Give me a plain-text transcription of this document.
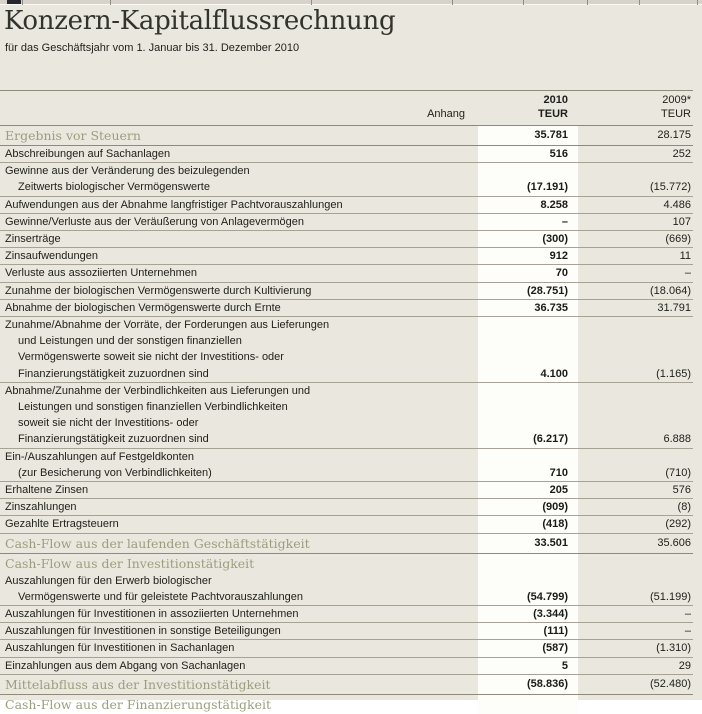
Konzern-Kapitalflussrechnung
für das Geschäftsjahr vom 1. Januar bis 31. Dezember 2010
2010	2009*
Anhang	TEUR	TEUR
Ergebnis vor Steuern	35.781	28.175
Abschreibungen auf Sachanlagen	516	252
Gewinne aus der Veränderung des beizulegenden
Zeitwerts biologischer Vermögenswerte	(17.191)	(15.772)
Aufwendungen aus der Abnahme langfristiger Pachtvorauszahlungen	8.258	4.486
Gewinne/Verluste aus der Veräußerung von Anlagevermögen	–	107
Zinserträge	(300)	(669)
Zinsaufwendungen	912	11
Verluste aus assoziierten Unternehmen	70	–
Zunahme der biologischen Vermögenswerte durch Kultivierung	(28.751)	(18.064)
Abnahme der biologischen Vermögenswerte durch Ernte	36.735	31.791
Zunahme/Abnahme der Vorräte, der Forderungen aus Lieferungen
und Leistungen und der sonstigen finanziellen
Vermögenswerte soweit sie nicht der Investitions- oder
Finanzierungstätigkeit zuzuordnen sind	4.100	(1.165)
Abnahme/Zunahme der Verbindlichkeiten aus Lieferungen und
Leistungen und sonstigen finanziellen Verbindlichkeiten
soweit sie nicht der Investitions- oder
Finanzierungstätigkeit zuzuordnen sind	(6.217)	6.888
Ein-/Auszahlungen auf Festgeldkonten
(zur Besicherung von Verbindlichkeiten)	710	(710)
Erhaltene Zinsen	205	576
Zinszahlungen	(909)	(8)
Gezahlte Ertragsteuern	(418)	(292)
Cash-Flow aus der laufenden Geschäftstätigkeit	33.501	35.606
Cash-Flow aus der Investitionstätigkeit
Auszahlungen für den Erwerb biologischer
Vermögenswerte und für geleistete Pachtvorauszahlungen	(54.799)	(51.199)
Auszahlungen für Investitionen in assoziierten Unternehmen	(3.344)	–
Auszahlungen für Investitionen in sonstige Beteiligungen	(111)	–
Auszahlungen für Investitionen in Sachanlagen	(587)	(1.310)
Einzahlungen aus dem Abgang von Sachanlagen	5	29
Mittelabfluss aus der Investitionstätigkeit	(58.836)	(52.480)
Cash-Flow aus der Finanzierungstätigkeit
